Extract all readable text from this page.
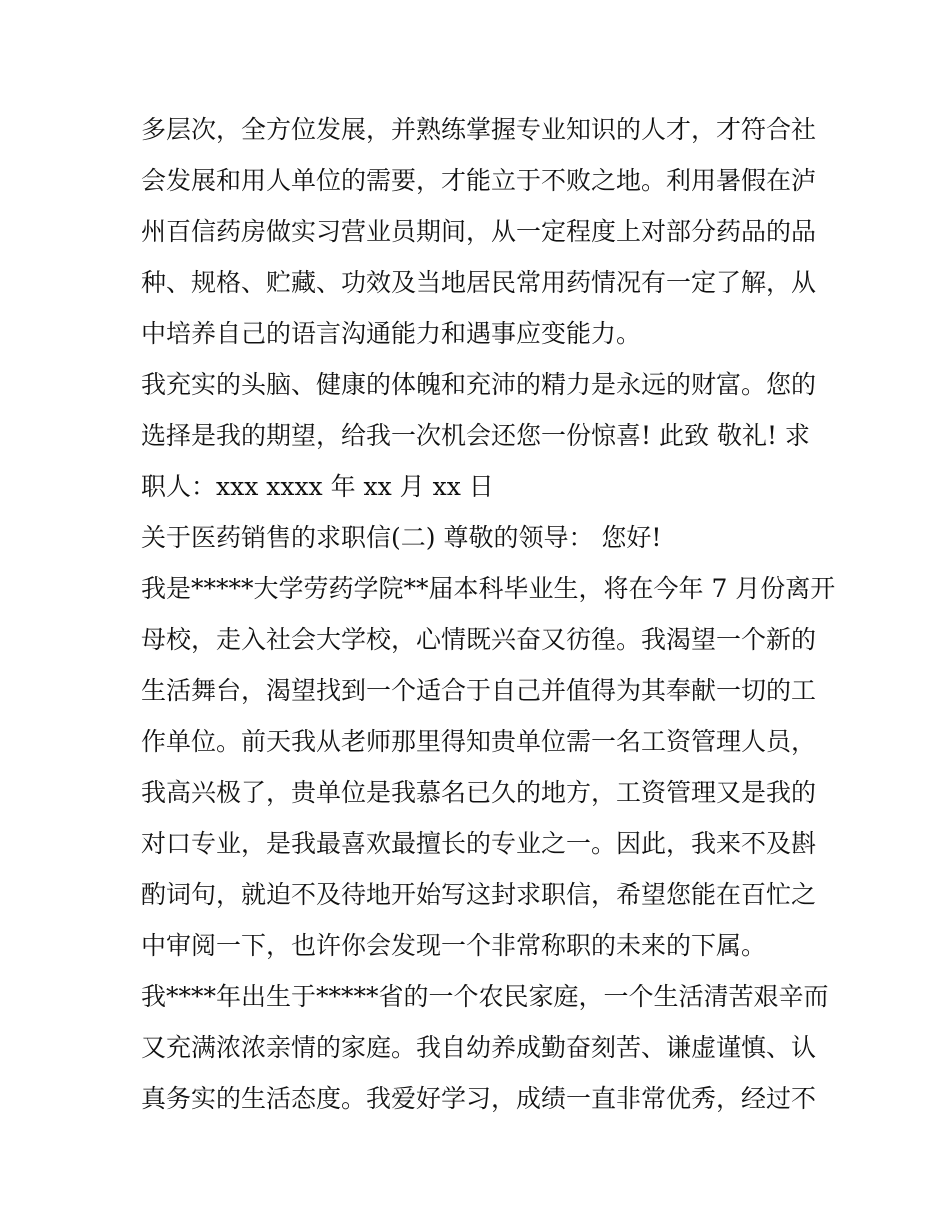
多层次，全方位发展，并熟练掌握专业知识的人才，才符合社
会发展和用人单位的需要，才能立于不败之地。利用暑假在泸
州百信药房做实习营业员期间，从一定程度上对部分药品的品
种、规格、贮藏、功效及当地居民常用药情况有一定了解，从
中培养自己的语言沟通能力和遇事应变能力。
我充实的头脑、健康的体魄和充沛的精力是永远的财富。您的
选择是我的期望，给我一次机会还您一份惊喜! 此致 敬礼! 求
职人：xxx xxxx 年 xx 月 xx 日
关于医药销售的求职信(二) 尊敬的领导： 您好!
我是*****大学劳药学院**届本科毕业生，将在今年 7 月份离开
母校，走入社会大学校，心情既兴奋又彷徨。我渴望一个新的
生活舞台，渴望找到一个适合于自己并值得为其奉献一切的工
作单位。前天我从老师那里得知贵单位需一名工资管理人员，
我高兴极了，贵单位是我慕名已久的地方，工资管理又是我的
对口专业，是我最喜欢最擅长的专业之一。因此，我来不及斟
酌词句，就迫不及待地开始写这封求职信，希望您能在百忙之
中审阅一下，也许你会发现一个非常称职的未来的下属。
我****年出生于*****省的一个农民家庭，一个生活清苦艰辛而
又充满浓浓亲情的家庭。我自幼养成勤奋刻苦、谦虚谨慎、认
真务实的生活态度。我爱好学习，成绩一直非常优秀，经过不
